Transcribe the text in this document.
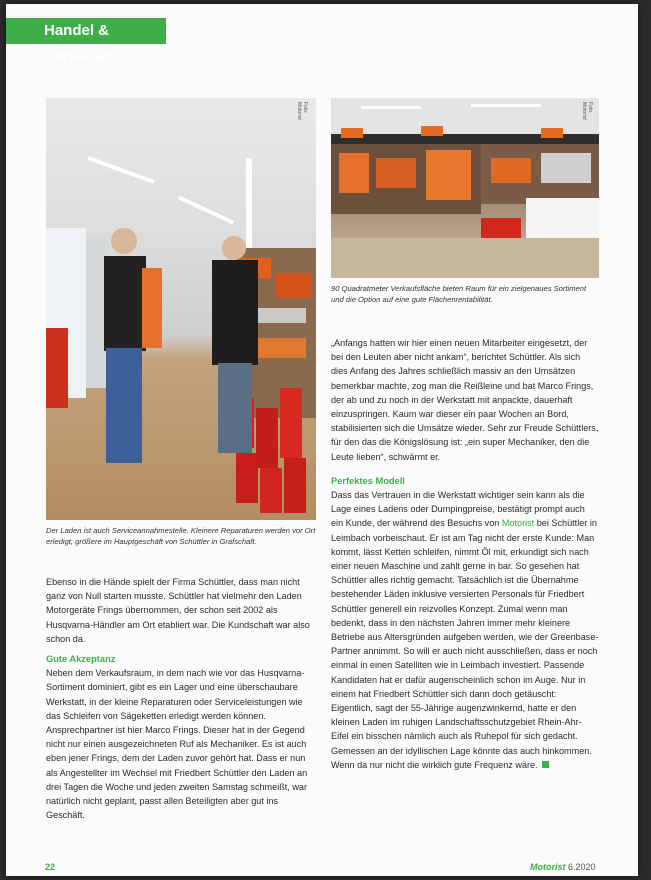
Handel & Hersteller
Foto: Motorist	Foto: Motorist
90 Quadratmeter Verkaufsfläche bieten Raum für ein zielgenaues Sortiment und die Option auf eine gute Flächenrentabilität.
Der Laden ist auch Serviceannahmestelle. Kleinere Reparaturen werden vor Ort erledigt, größere im Hauptgeschäft von Schüttler in Grafschaft.

Ebenso in die Hände spielt der Firma Schüttler, dass man nicht ganz von Null starten musste. Schüttler hat vielmehr den Laden Motorgeräte Frings übernommen, der schon seit 2002 als Husqvarna-Händler am Ort etabliert war. Die Kundschaft war also schon da.

Gute Akzeptanz

Neben dem Verkaufsraum, in dem nach wie vor das Husqvarna-Sortiment dominiert, gibt es ein Lager und eine überschaubare Werkstatt, in der kleine Reparaturen oder Serviceleistungen wie das Schleifen von Sägeketten erledigt werden können. Ansprechpartner ist hier Marco Frings. Dieser hat in der Gegend nicht nur einen ausgezeichneten Ruf als Mechaniker. Es ist auch eben jener Frings, dem der Laden zuvor gehört hat. Dass er nun als Angestellter im Wechsel mit Friedbert Schüttler den Laden an drei Tagen die Woche und jeden zweiten Samstag schmeißt, war natürlich nicht geplant, passt allen Beteiligten aber gut ins Geschäft.

„Anfangs hatten wir hier einen neuen Mitarbeiter eingesetzt, der bei den Leuten aber nicht ankam“, berichtet Schüttler. Als sich dies Anfang des Jahres schließlich massiv an den Umsätzen bemerkbar machte, zog man die Reißleine und bat Marco Frings, der ab und zu noch in der Werkstatt mit anpackte, dauerhaft einzuspringen. Kaum war dieser ein paar Wochen an Bord, stabilisierten sich die Umsätze wieder. Sehr zur Freude Schüttlers, für den das die Königslösung ist: „ein super Mechaniker, den die Leute lieben“, schwärmt er.

Perfektes Modell

Dass das Vertrauen in die Werkstatt wichtiger sein kann als die Lage eines Ladens oder Dumpingpreise, bestätigt prompt auch ein Kunde, der während des Besuchs von Motorist bei Schüttler in Leimbach vorbeischaut. Er ist am Tag nicht der erste Kunde: Man kommt, lässt Ketten schleifen, nimmt Öl mit, erkundigt sich nach einer neuen Maschine und zahlt gerne in bar. So gesehen hat Schüttler alles richtig gemacht. Tatsächlich ist die Übernahme bestehender Läden inklusive versierten Personals für Friedbert Schüttler generell ein reizvolles Konzept. Zumal wenn man bedenkt, dass in den nächsten Jahren immer mehr kleinere Betriebe aus Altersgründen aufgeben werden, wie der Greenbase-Partner annimmt. So will er auch nicht ausschließen, dass er noch einmal in einen Satelliten wie in Leimbach investiert. Passende Kandidaten hat er dafür augenscheinlich schon im Auge. Nur in einem hat Friedbert Schüttler sich dann doch getäuscht: Eigentlich, sagt der 55-Jährige augenzwinkernd, hatte er den kleinen Laden im ruhigen Landschaftsschutzgebiet Rhein-Ahr-Eifel ein bisschen nämlich auch als Ruhepol für sich gedacht. Gemessen an der idyllischen Lage könnte das auch hinkommen. Wenn da nur nicht die wirklich gute Frequenz wäre.

22	Motorist 6.2020
